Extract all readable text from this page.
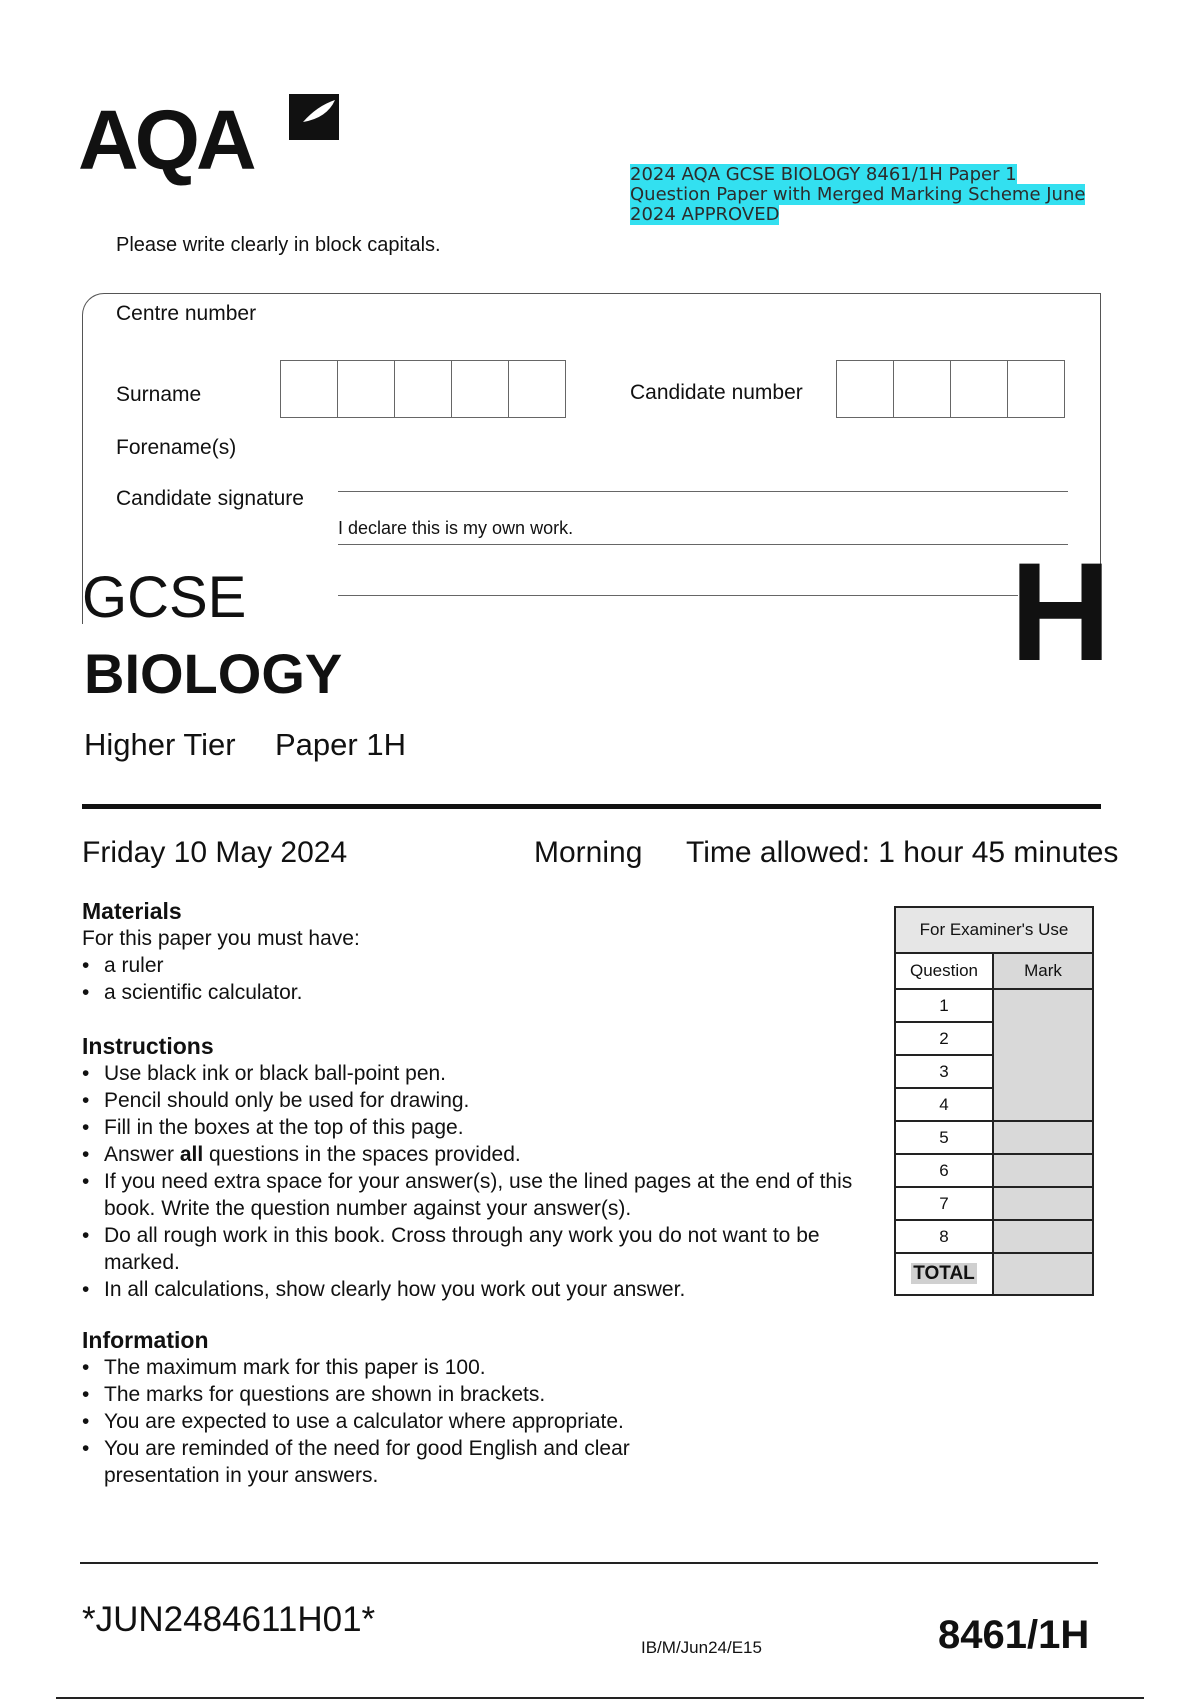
AQA	2024 AQA GCSE BIOLOGY 8461/1H Paper 1 Question Paper with Merged Marking Scheme June 2024 APPROVED
Please write clearly in block capitals.
Centre number
Surname	Candidate number
Forename(s)
Candidate signature
I declare this is my own work.
GCSE
BIOLOGY
Higher Tier Paper 1H
H
Friday 10 May 2024	Morning Time allowed: 1 hour 45 minutes
Materials
For this paper you must have:
• a ruler
• a scientific calculator.
Instructions
• Use black ink or black ball-point pen.
• Pencil should only be used for drawing.
• Fill in the boxes at the top of this page.
• Answer all questions in the spaces provided.
• If you need extra space for your answer(s), use the lined pages at the end of this book. Write the question number against your answer(s).
• Do all rough work in this book. Cross through any work you do not want to be marked.
• In all calculations, show clearly how you work out your answer.
Information
• The maximum mark for this paper is 100.
• The marks for questions are shown in brackets.
• You are expected to use a calculator where appropriate.
• You are reminded of the need for good English and clear presentation in your answers.
For Examiner's Use	
Question	Mark
1	
2	
3	
4	
5	
6	
7	
8	
TOTAL	
*JUN2484611H01*
IB/M/Jun24/E15	8461/1H
